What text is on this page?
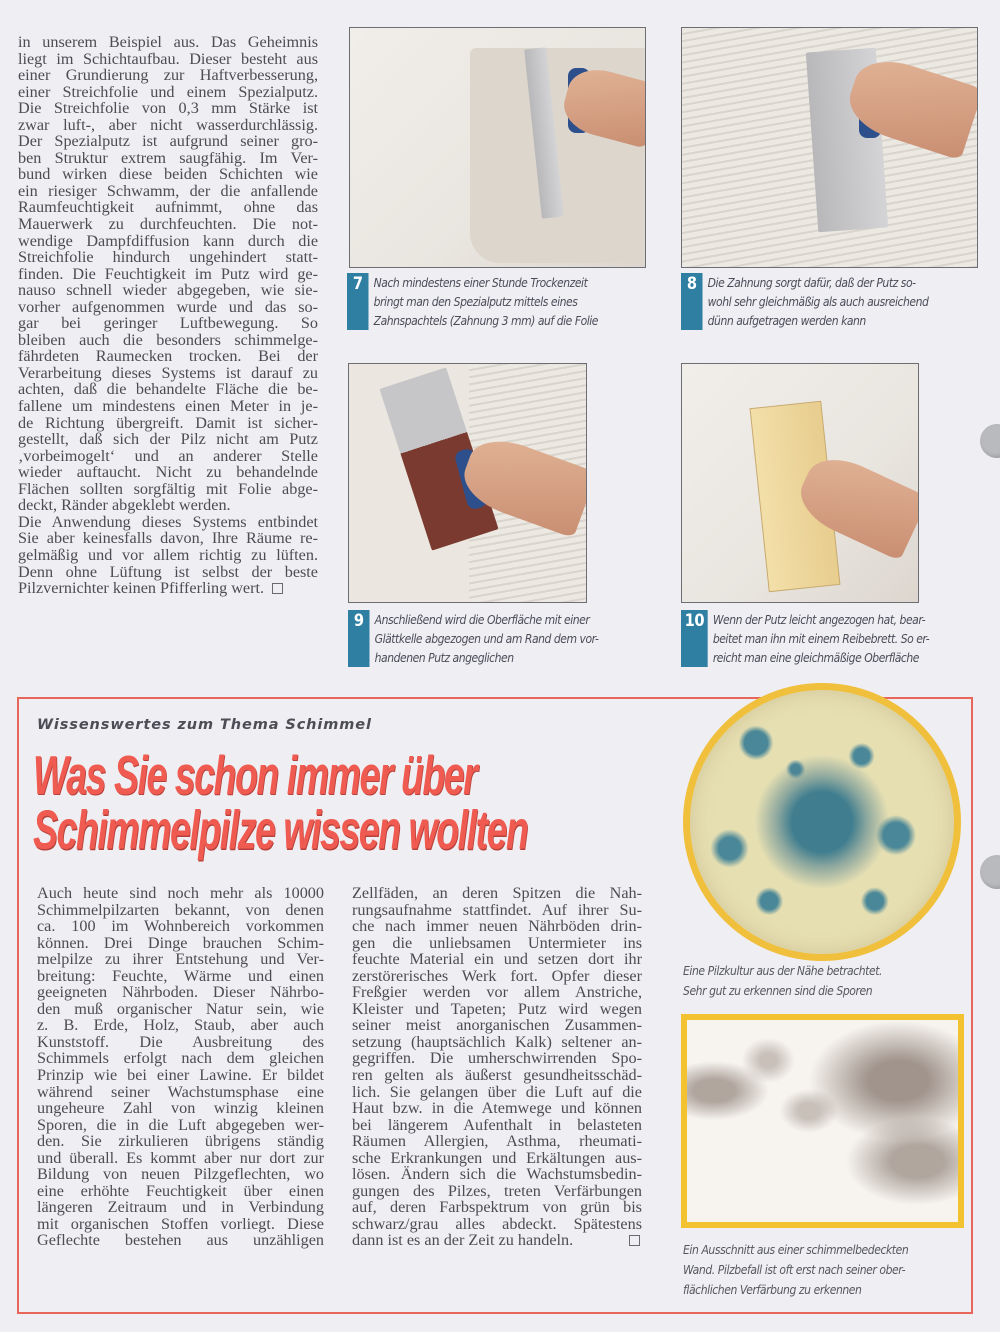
in unserem Beispiel aus. Das Geheimnis
liegt im Schichtaufbau. Dieser besteht aus
einer Grundierung zur Haftverbesserung,
einer Streichfolie und einem Spezialputz.
Die Streichfolie von 0,3 mm Stärke ist
zwar luft-, aber nicht wasserdurchlässig.
Der Spezialputz ist aufgrund seiner gro-
ben Struktur extrem saugfähig. Im Ver-
bund wirken diese beiden Schichten wie
ein riesiger Schwamm, der die anfallende
Raumfeuchtigkeit aufnimmt, ohne das
Mauerwerk zu durchfeuchten. Die not-
wendige Dampfdiffusion kann durch die
Streichfolie hindurch ungehindert statt-
finden. Die Feuchtigkeit im Putz wird ge-
nauso schnell wieder abgegeben, wie sie-
vorher aufgenommen wurde und das so-
gar bei geringer Luftbewegung. So
bleiben auch die besonders schimmelge-
fährdeten Raumecken trocken. Bei der
Verarbeitung dieses Systems ist darauf zu
achten, daß die behandelte Fläche die be-
fallene um mindestens einen Meter in je-
de Richtung übergreift. Damit ist sicher-
gestellt, daß sich der Pilz nicht am Putz
‚vorbeimogelt‘ und an anderer Stelle
wieder auftaucht. Nicht zu behandelnde
Flächen sollten sorgfältig mit Folie abge-
deckt, Ränder abgeklebt werden.
Die Anwendung dieses Systems entbindet
Sie aber keinesfalls davon, Ihre Räume re-
gelmäßig und vor allem richtig zu lüften.
Denn ohne Lüftung ist selbst der beste
Pilzvernichter keinen Pfifferling wert.
7 Nach mindestens einer Stunde Trockenzeit
bringt man den Spezialputz mittels eines
Zahnspachtels (Zahnung 3 mm) auf die Folie
8 Die Zahnung sorgt dafür, daß der Putz so-
wohl sehr gleichmäßig als auch ausreichend
dünn aufgetragen werden kann
9 Anschließend wird die Oberfläche mit einer
Glättkelle abgezogen und am Rand dem vor-
handenen Putz angeglichen
10 Wenn der Putz leicht angezogen hat, bear-
beitet man ihn mit einem Reibebrett. So er-
reicht man eine gleichmäßige Oberfläche
Wissenswertes zum Thema Schimmel
Was Sie schon immer über
Schimmelpilze wissen wollten
Auch heute sind noch mehr als 10000
Schimmelpilzarten bekannt, von denen
ca. 100 im Wohnbereich vorkommen
können. Drei Dinge brauchen Schim-
melpilze zu ihrer Entstehung und Ver-
breitung: Feuchte, Wärme und einen
geeigneten Nährboden. Dieser Nährbo-
den muß organischer Natur sein, wie
z. B. Erde, Holz, Staub, aber auch
Kunststoff. Die Ausbreitung des
Schimmels erfolgt nach dem gleichen
Prinzip wie bei einer Lawine. Er bildet
während seiner Wachstumsphase eine
ungeheure Zahl von winzig kleinen
Sporen, die in die Luft abgegeben wer-
den. Sie zirkulieren übrigens ständig
und überall. Es kommt aber nur dort zur
Bildung von neuen Pilzgeflechten, wo
eine erhöhte Feuchtigkeit über einen
längeren Zeitraum und in Verbindung
mit organischen Stoffen vorliegt. Diese
Geflechte bestehen aus unzähligen
Zellfäden, an deren Spitzen die Nah-
rungsaufnahme stattfindet. Auf ihrer Su-
che nach immer neuen Nährböden drin-
gen die unliebsamen Untermieter ins
feuchte Material ein und setzen dort ihr
zerstörerisches Werk fort. Opfer dieser
Freßgier werden vor allem Anstriche,
Kleister und Tapeten; Putz wird wegen
seiner meist anorganischen Zusammen-
setzung (hauptsächlich Kalk) seltener an-
gegriffen. Die umherschwirrenden Spo-
ren gelten als äußerst gesundheitsschäd-
lich. Sie gelangen über die Luft auf die
Haut bzw. in die Atemwege und können
bei längerem Aufenthalt in belasteten
Räumen Allergien, Asthma, rheumati-
sche Erkrankungen und Erkältungen aus-
lösen. Ändern sich die Wachstumsbedin-
gungen des Pilzes, treten Verfärbungen
auf, deren Farbspektrum von grün bis
schwarz/grau alles abdeckt. Spätestens
dann ist es an der Zeit zu handeln.
Eine Pilzkultur aus der Nähe betrachtet.
Sehr gut zu erkennen sind die Sporen
Ein Ausschnitt aus einer schimmelbedeckten
Wand. Pilzbefall ist oft erst nach seiner ober-
flächlichen Verfärbung zu erkennen
